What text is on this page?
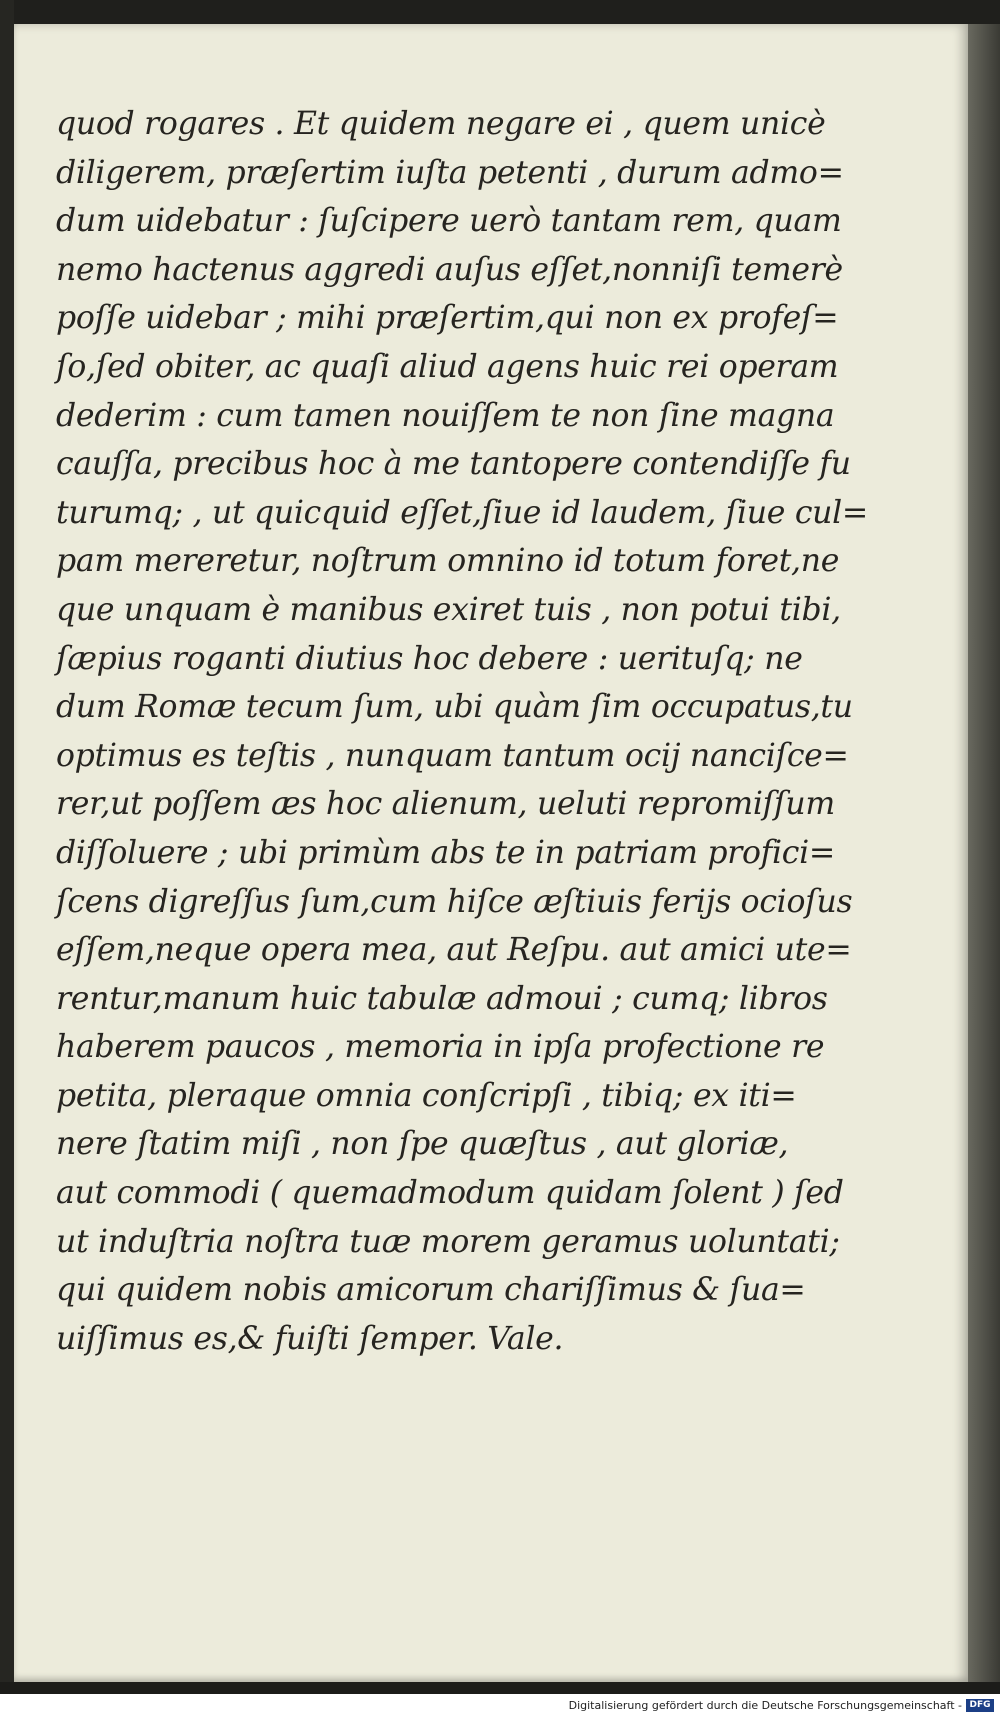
quod rogares . Et quidem negare ei , quem unicè
diligerem, præſertim iuſta petenti , durum admo=
dum uidebatur : ſuſcipere uerò tantam rem, quam
nemo hactenus aggredi auſus eſſet,nonniſi temerè
poſſe uidebar ; mihi præſertim,qui non ex profeſ=
ſo,ſed obiter, ac quaſi aliud agens huic rei operam
dederim : cum tamen nouiſſem te non ſine magna
cauſſa, precibus hoc à me tantopere contendiſſe fu
turumq; , ut quicquid eſſet,ſiue id laudem, ſiue cul=
pam mereretur, noſtrum omnino id totum foret,ne
que unquam è manibus exiret tuis , non potui tibi,
ſæpius roganti diutius hoc debere : uerituſq; ne
dum Romæ tecum ſum, ubi quàm ſim occupatus,tu
optimus es teſtis , nunquam tantum ocij nanciſce=
rer,ut poſſem æs hoc alienum, ueluti repromiſſum
diſſoluere ; ubi primùm abs te in patriam profici=
ſcens digreſſus ſum,cum hiſce æſtiuis ferijs ocioſus
eſſem,neque opera mea, aut Reſpu. aut amici ute=
rentur,manum huic tabulæ admoui ; cumq; libros
haberem paucos , memoria in ipſa profectione re
petita, pleraque omnia conſcripſi , tibiq; ex iti=
nere ſtatim miſi , non ſpe quæſtus , aut gloriæ,
aut commodi ( quemadmodum quidam ſolent ) ſed
ut induſtria noſtra tuæ morem geramus uoluntati;
qui quidem nobis amicorum chariſſimus & ſua=
uiſſimus es,& fuiſti ſemper. Vale.
Digitalisierung gefördert durch die Deutsche Forschungsgemeinschaft - DFG
